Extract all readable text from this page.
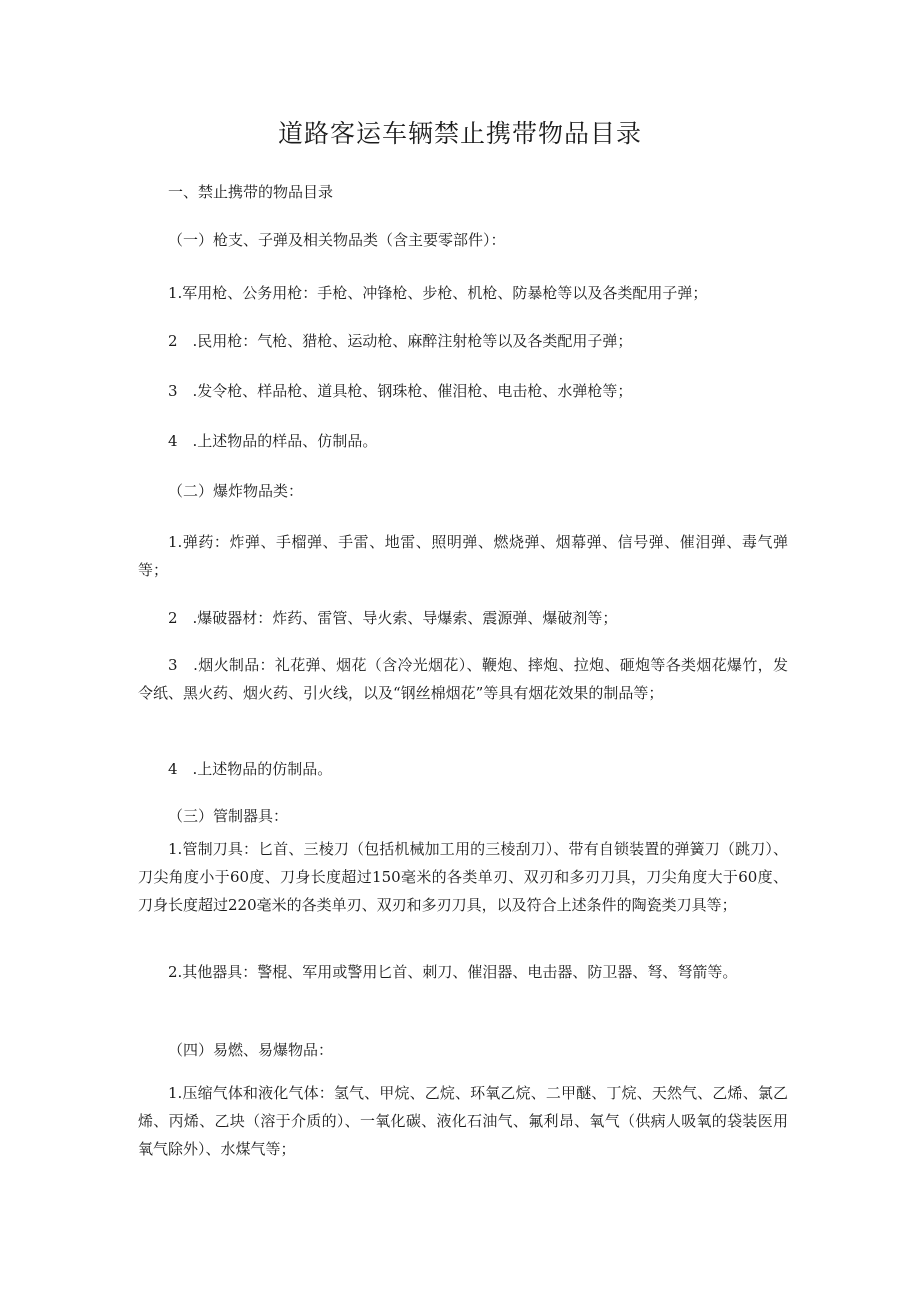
道路客运车辆禁止携带物品目录

一、禁止携带的物品目录

（一）枪支、子弹及相关物品类（含主要零部件）：

1.军用枪、公务用枪：手枪、冲锋枪、步枪、机枪、防暴枪等以及各类配用子弹；

2　.民用枪：气枪、猎枪、运动枪、麻醉注射枪等以及各类配用子弹；

3　.发令枪、样品枪、道具枪、钢珠枪、催泪枪、电击枪、水弹枪等；

4　.上述物品的样品、仿制品。

（二）爆炸物品类：

1.弹药：炸弹、手榴弹、手雷、地雷、照明弹、燃烧弹、烟幕弹、信号弹、催泪弹、毒气弹等；

2　.爆破器材：炸药、雷管、导火索、导爆索、震源弹、爆破剂等；

3　.烟火制品：礼花弹、烟花（含冷光烟花）、鞭炮、摔炮、拉炮、砸炮等各类烟花爆竹，发令纸、黑火药、烟火药、引火线，以及“钢丝棉烟花”等具有烟花效果的制品等；

4　.上述物品的仿制品。

（三）管制器具：

1.管制刀具：匕首、三棱刀（包括机械加工用的三棱刮刀）、带有自锁装置的弹簧刀（跳刀）、刀尖角度小于60度、刀身长度超过150毫米的各类单刃、双刃和多刃刀具，刀尖角度大于60度、刀身长度超过220毫米的各类单刃、双刃和多刃刀具，以及符合上述条件的陶瓷类刀具等；

2.其他器具：警棍、军用或警用匕首、刺刀、催泪器、电击器、防卫器、弩、弩箭等。

（四）易燃、易爆物品：

1.压缩气体和液化气体：氢气、甲烷、乙烷、环氧乙烷、二甲醚、丁烷、天然气、乙烯、氯乙烯、丙烯、乙块（溶于介质的）、一氧化碳、液化石油气、氟利昂、氧气（供病人吸氧的袋装医用氧气除外）、水煤气等；
